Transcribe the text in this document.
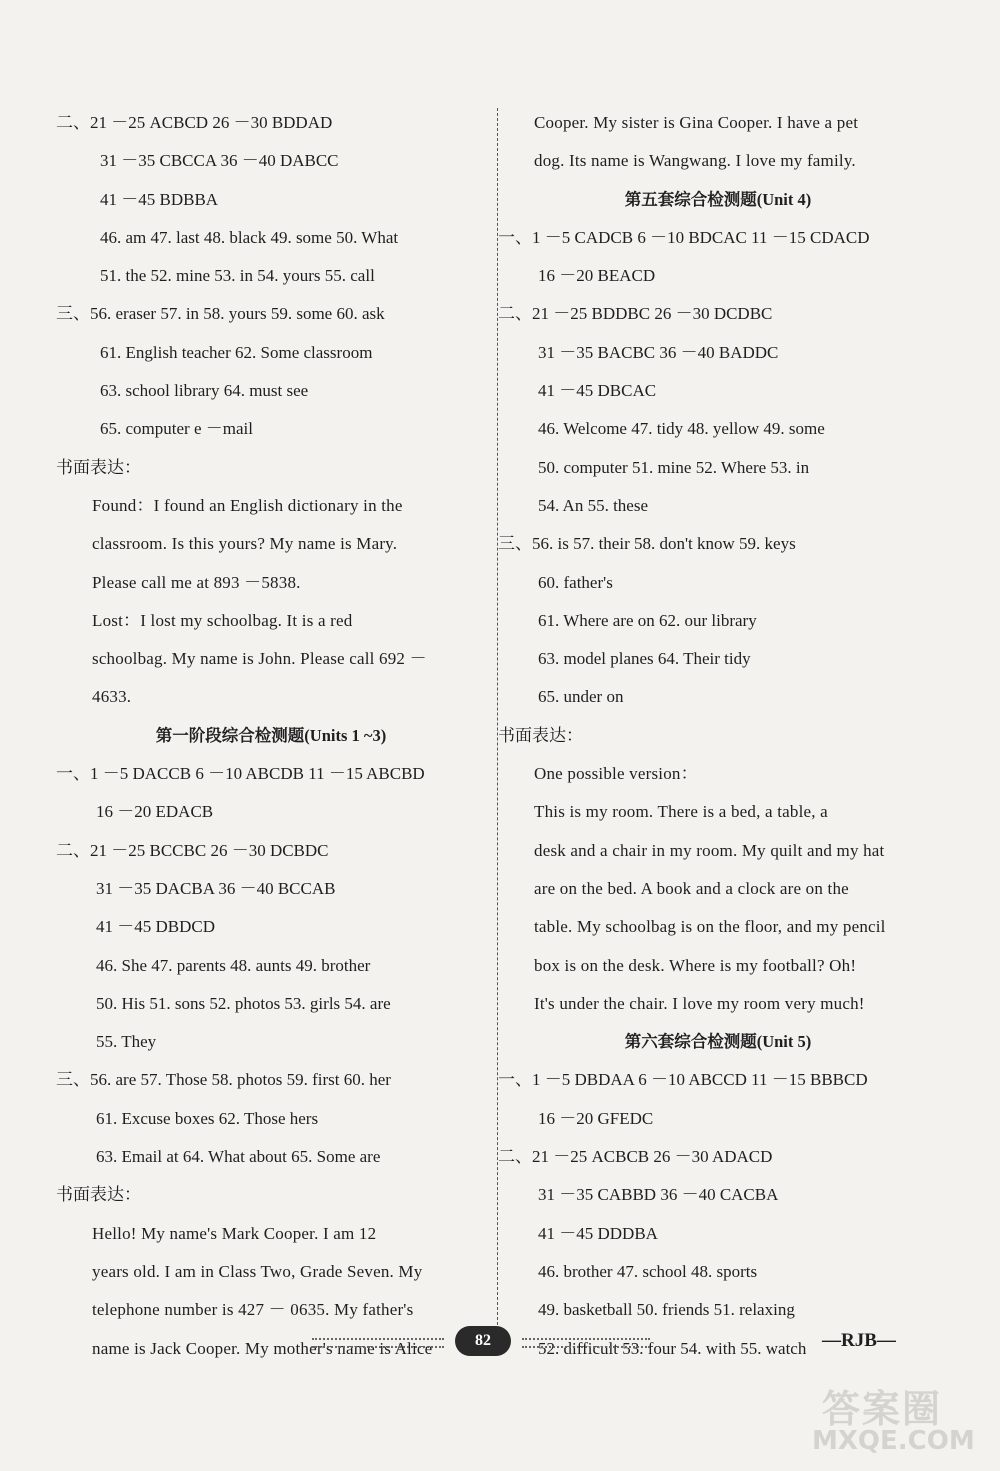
二、21 －25 ACBCD 26 －30 BDDAD
31 －35 CBCCA 36 －40 DABCC
41 －45 BDBBA
46. am 47. last 48. black 49. some 50. What
51. the 52. mine 53. in 54. yours 55. call
三、56. eraser 57. in 58. yours 59. some 60. ask
61. English teacher 62. Some classroom
63. school library 64. must see
65. computer e －mail
书面表达：
Found：I found an English dictionary in the
classroom. Is this yours? My name is Mary.
Please call me at 893 －5838.
Lost：I lost my schoolbag. It is a red
schoolbag. My name is John. Please call 692 －
4633.
第一阶段综合检测题(Units 1 ~3)
一、1 －5 DACCB 6 －10 ABCDB 11 －15 ABCBD
16 －20 EDACB
二、21 －25 BCCBC 26 －30 DCBDC
31 －35 DACBA 36 －40 BCCAB
41 －45 DBDCD
46. She 47. parents 48. aunts 49. brother
50. His 51. sons 52. photos 53. girls 54. are
55. They
三、56. are 57. Those 58. photos 59. first 60. her
61. Excuse boxes 62. Those hers
63. Email at 64. What about 65. Some are
书面表达：
Hello! My name's Mark Cooper. I am 12
years old. I am in Class Two, Grade Seven. My
telephone number is 427 － 0635. My father's
name is Jack Cooper. My mother's name is Alice
Cooper. My sister is Gina Cooper. I have a pet
dog. Its name is Wangwang. I love my family.
第五套综合检测题(Unit 4)
一、1 －5 CADCB 6 －10 BDCAC 11 －15 CDACD
16 －20 BEACD
二、21 －25 BDDBC 26 －30 DCDBC
31 －35 BACBC 36 －40 BADDC
41 －45 DBCAC
46. Welcome 47. tidy 48. yellow 49. some
50. computer 51. mine 52. Where 53. in
54. An 55. these
三、56. is 57. their 58. don't know 59. keys
60. father's
61. Where are on 62. our library
63. model planes 64. Their tidy
65. under on
书面表达：
One possible version：
This is my room. There is a bed, a table, a
desk and a chair in my room. My quilt and my hat
are on the bed. A book and a clock are on the
table. My schoolbag is on the floor, and my pencil
box is on the desk. Where is my football? Oh!
It's under the chair. I love my room very much!
第六套综合检测题(Unit 5)
一、1 －5 DBDAA 6 －10 ABCCD 11 －15 BBBCD
16 －20 GFEDC
二、21 －25 ACBCB 26 －30 ADACD
31 －35 CABBD 36 －40 CACBA
41 －45 DDDBA
46. brother 47. school 48. sports
49. basketball 50. friends 51. relaxing
52. difficult 53. four 54. with 55. watch
82	—RJB—
答案圈
MXQE.COM
